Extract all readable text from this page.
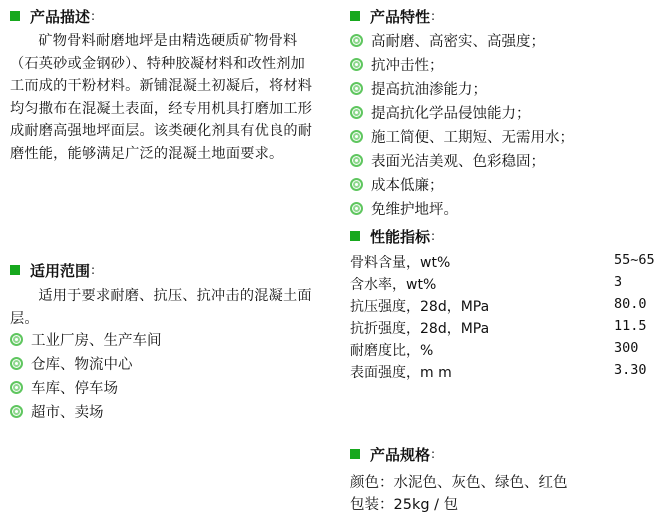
产品描述 :
矿物骨料耐磨地坪是由精选硬质矿物骨料（石英砂或金钢砂）、特种胶凝材料和改性剂加工而成的干粉材料。新铺混凝土初凝后，将材料均匀撒布在混凝土表面，经专用机具打磨加工形成耐磨高强地坪面层。该类硬化剂具有优良的耐磨性能，能够满足广泛的混凝土地面要求。
适用范围 :
适用于要求耐磨、抗压、抗冲击的混凝土面层。
工业厂房、生产车间
仓库、物流中心
车库、停车场
超市、卖场
产品特性 :
高耐磨、高密实、高强度；
抗冲击性；
提高抗油渗能力；
提高抗化学品侵蚀能力；
施工简便、工期短、无需用水；
表面光洁美观、色彩稳固；
成本低廉；
免维护地坪。
性能指标 :
骨料含量，wt%	55~65
含水率，wt%	3
抗压强度，28d，MPa	80.0
抗折强度，28d，MPa	11.5
耐磨度比，%	300
表面强度，m m	3.30
产品规格 :
颜色：水泥色、灰色、绿色、红色
包装：25kg / 包
